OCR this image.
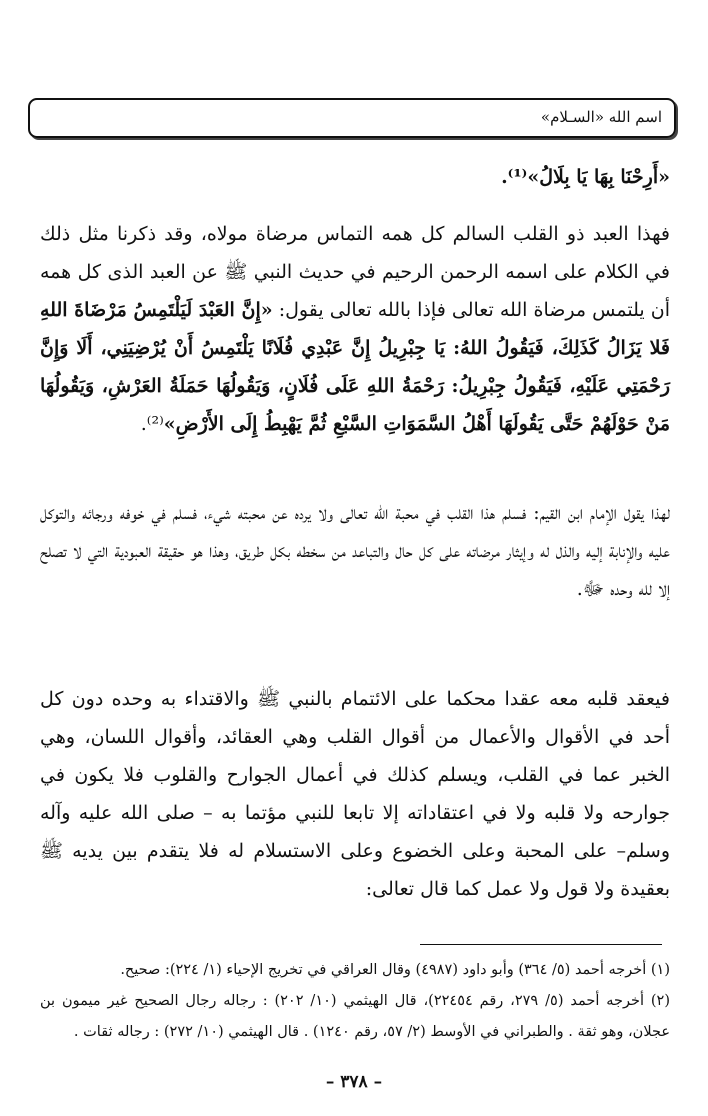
اسم الله «السـلام»

«أَرِحْنَا بِهَا يَا بِلَالُ»⁽¹⁾.

فهذا العبد ذو القلب السالم كل همه التماس مرضاة مولاه، وقد ذكرنا مثل ذلك في الكلام على اسمه الرحمن الرحيم في حديث النبي ﷺ عن العبد الذى كل همه أن يلتمس مرضاة الله تعالى فإذا بالله تعالى يقول: «إِنَّ العَبْدَ لَيَلْتَمِسُ مَرْضَاةَ اللهِ فَلا يَزَالُ كَذَلِكَ، فَيَقُولُ اللهُ: يَا جِبْرِيلُ إِنَّ عَبْدِي فُلَانًا يَلْتَمِسُ أَنْ يُرْضِيَنِي، أَلَا وَإِنَّ رَحْمَتِي عَلَيْهِ، فَيَقُولُ جِبْرِيلُ: رَحْمَةُ اللهِ عَلَى فُلَانٍ، وَيَقُولُهَا حَمَلَةُ العَرْشِ، وَيَقُولُهَا مَنْ حَوْلَهُمْ حَتَّى يَقُولَهَا أَهْلُ السَّمَوَاتِ السَّبْعِ ثُمَّ يَهْبِطُ إِلَى الأَرْضِ»⁽²⁾.

لهذا يقول الإمام ابن القيم: فسلم هذا القلب في محبة الله تعالى ولا يرده عن محبته شيء، فسلم في خوفه ورجائه والتوكل عليه والإنابة إليه والذل له وإيثار مرضاته على كل حال والتباعد من سخطه بكل طريق، وهذا هو حقيقة العبودية التي لا تصلح إلا لله وحده ﷻ.

فيعقد قلبه معه عقدا محكما على الائتمام بالنبي ﷺ والاقتداء به وحده دون كل أحد في الأقوال والأعمال من أقوال القلب وهي العقائد، وأقوال اللسان، وهي الخبر عما في القلب، ويسلم كذلك في أعمال الجوارح والقلوب فلا يكون في جوارحه ولا قلبه ولا في اعتقاداته إلا تابعا للنبي مؤتما به – صلى الله عليه وآله وسلم– على المحبة وعلى الخضوع وعلى الاستسلام له فلا يتقدم بين يديه ﷺ بعقيدة ولا قول ولا عمل كما قال تعالى:

(١) أخرجه أحمد (٥/ ٣٦٤) وأبو داود (٤٩٨٧) وقال العراقي في تخريج الإحياء (١/ ٢٢٤): صحيح.

(٢) أخرجه أحمد (٥/ ٢٧٩، رقم ٢٢٤٥٤)، قال الهيثمي (١٠/ ٢٠٢) : رجاله رجال الصحيح غير ميمون بن عجلان، وهو ثقة . والطبراني في الأوسط (٢/ ٥٧، رقم ١٢٤٠) . قال الهيثمي (١٠/ ٢٧٢) : رجاله ثقات .

– ٣٧٨ –
